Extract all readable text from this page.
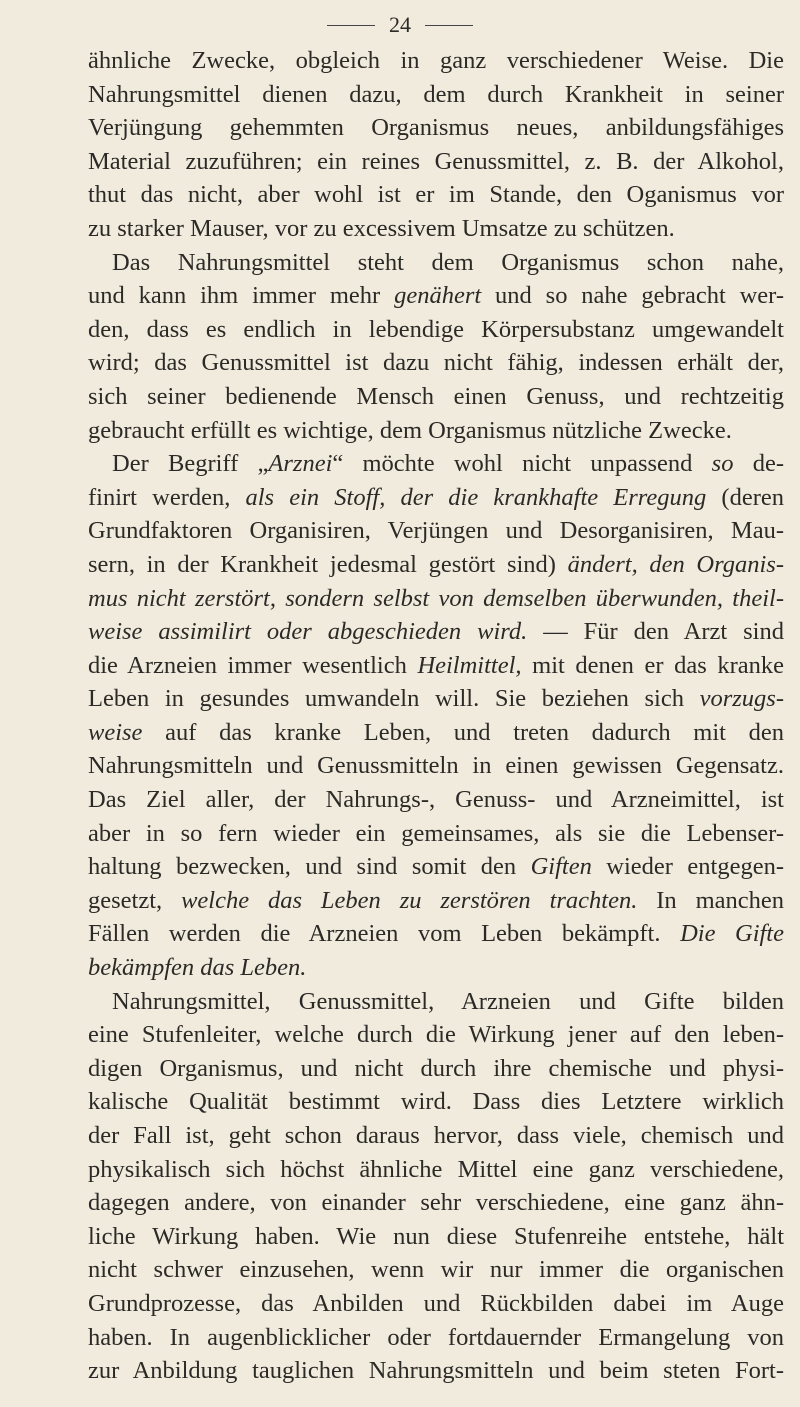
24
ähnliche Zwecke, obgleich in ganz verschiedener Weise. Die
Nahrungsmittel dienen dazu, dem durch Krankheit in seiner
Verjüngung gehemmten Organismus neues, anbildungsfähiges
Material zuzuführen; ein reines Genussmittel, z. B. der Alkohol,
thut das nicht, aber wohl ist er im Stande, den Oganismus vor
zu starker Mauser, vor zu excessivem Umsatze zu schützen.
Das Nahrungsmittel steht dem Organismus schon nahe,
und kann ihm immer mehr genähert und so nahe gebracht wer-
den, dass es endlich in lebendige Körpersubstanz umgewandelt
wird; das Genussmittel ist dazu nicht fähig, indessen erhält der,
sich seiner bedienende Mensch einen Genuss, und rechtzeitig
gebraucht erfüllt es wichtige, dem Organismus nützliche Zwecke.
Der Begriff „Arznei“ möchte wohl nicht unpassend so de-
finirt werden, als ein Stoff, der die krankhafte Erregung (deren
Grundfaktoren Organisiren, Verjüngen und Desorganisiren, Mau-
sern, in der Krankheit jedesmal gestört sind) ändert, den Organis-
mus nicht zerstört, sondern selbst von demselben überwunden, theil-
weise assimilirt oder abgeschieden wird. — Für den Arzt sind
die Arzneien immer wesentlich Heilmittel, mit denen er das kranke
Leben in gesundes umwandeln will. Sie beziehen sich vorzugs-
weise auf das kranke Leben, und treten dadurch mit den
Nahrungsmitteln und Genussmitteln in einen gewissen Gegensatz.
Das Ziel aller, der Nahrungs-, Genuss- und Arzneimittel, ist
aber in so fern wieder ein gemeinsames, als sie die Lebenser-
haltung bezwecken, und sind somit den Giften wieder entgegen-
gesetzt, welche das Leben zu zerstören trachten. In manchen
Fällen werden die Arzneien vom Leben bekämpft. Die Gifte
bekämpfen das Leben.
Nahrungsmittel, Genussmittel, Arzneien und Gifte bilden
eine Stufenleiter, welche durch die Wirkung jener auf den leben-
digen Organismus, und nicht durch ihre chemische und physi-
kalische Qualität bestimmt wird. Dass dies Letztere wirklich
der Fall ist, geht schon daraus hervor, dass viele, chemisch und
physikalisch sich höchst ähnliche Mittel eine ganz verschiedene,
dagegen andere, von einander sehr verschiedene, eine ganz ähn-
liche Wirkung haben. Wie nun diese Stufenreihe entstehe, hält
nicht schwer einzusehen, wenn wir nur immer die organischen
Grundprozesse, das Anbilden und Rückbilden dabei im Auge
haben. In augenblicklicher oder fortdauernder Ermangelung von
zur Anbildung tauglichen Nahrungsmitteln und beim steten Fort-
